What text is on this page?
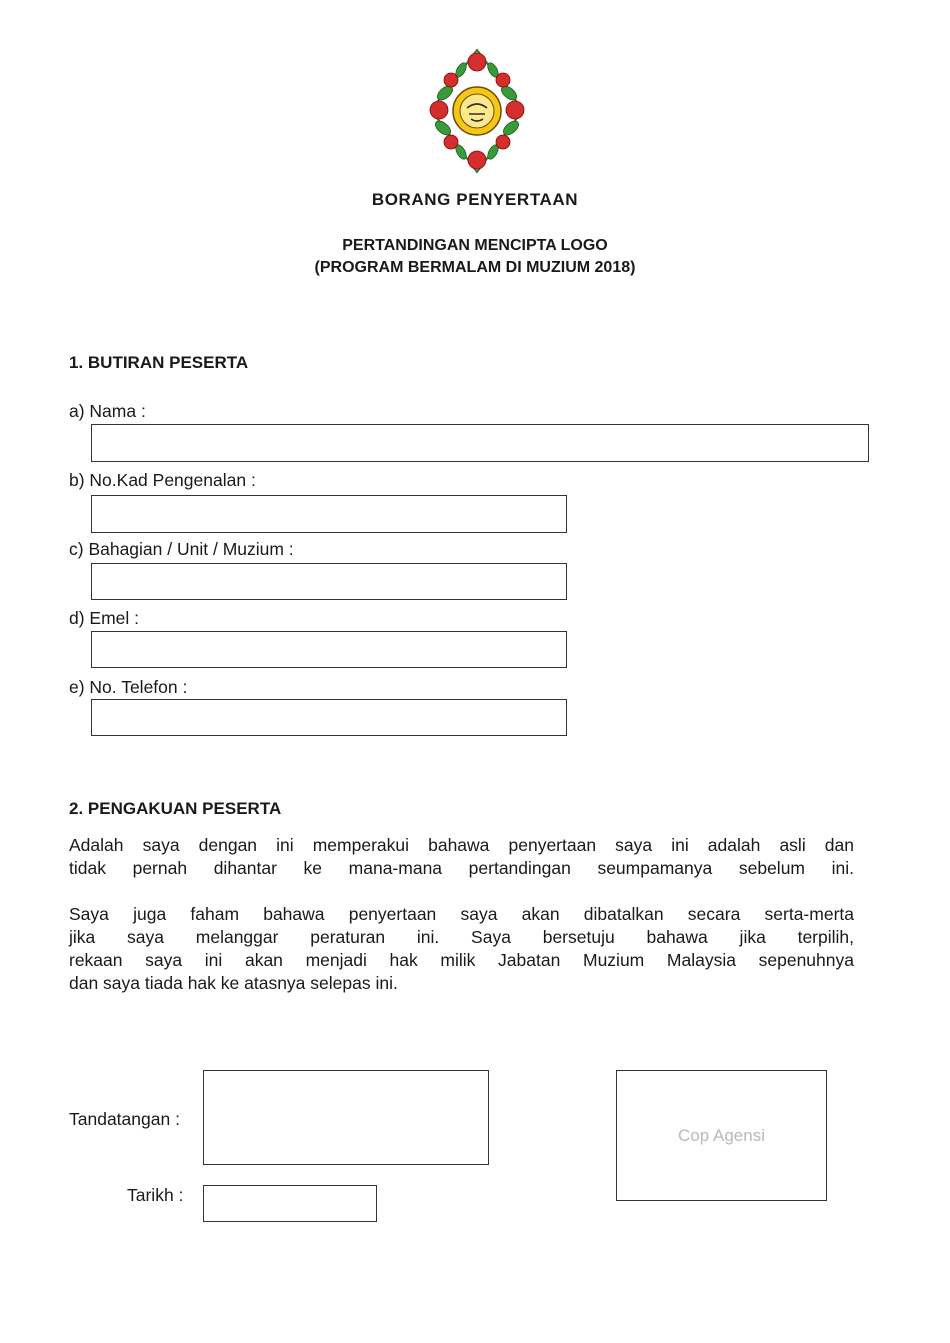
BORANG PENYERTAAN
PERTANDINGAN MENCIPTA LOGO
(PROGRAM BERMALAM DI MUZIUM 2018)
1. BUTIRAN PESERTA
a) Nama :
b) No.Kad Pengenalan :
c) Bahagian / Unit / Muzium :
d) Emel :
e) No. Telefon :
2. PENGAKUAN PESERTA
Adalah saya dengan ini memperakui bahawa penyertaan saya ini adalah asli dan
tidak pernah dihantar ke mana-mana pertandingan seumpamanya sebelum ini.
Saya juga faham bahawa penyertaan saya akan dibatalkan secara serta-merta
jika saya melanggar peraturan ini. Saya bersetuju bahawa jika terpilih,
rekaan saya ini akan menjadi hak milik Jabatan Muzium Malaysia sepenuhnya
dan saya tiada hak ke atasnya selepas ini.
Tandatangan :
Tarikh :
Cop Agensi
